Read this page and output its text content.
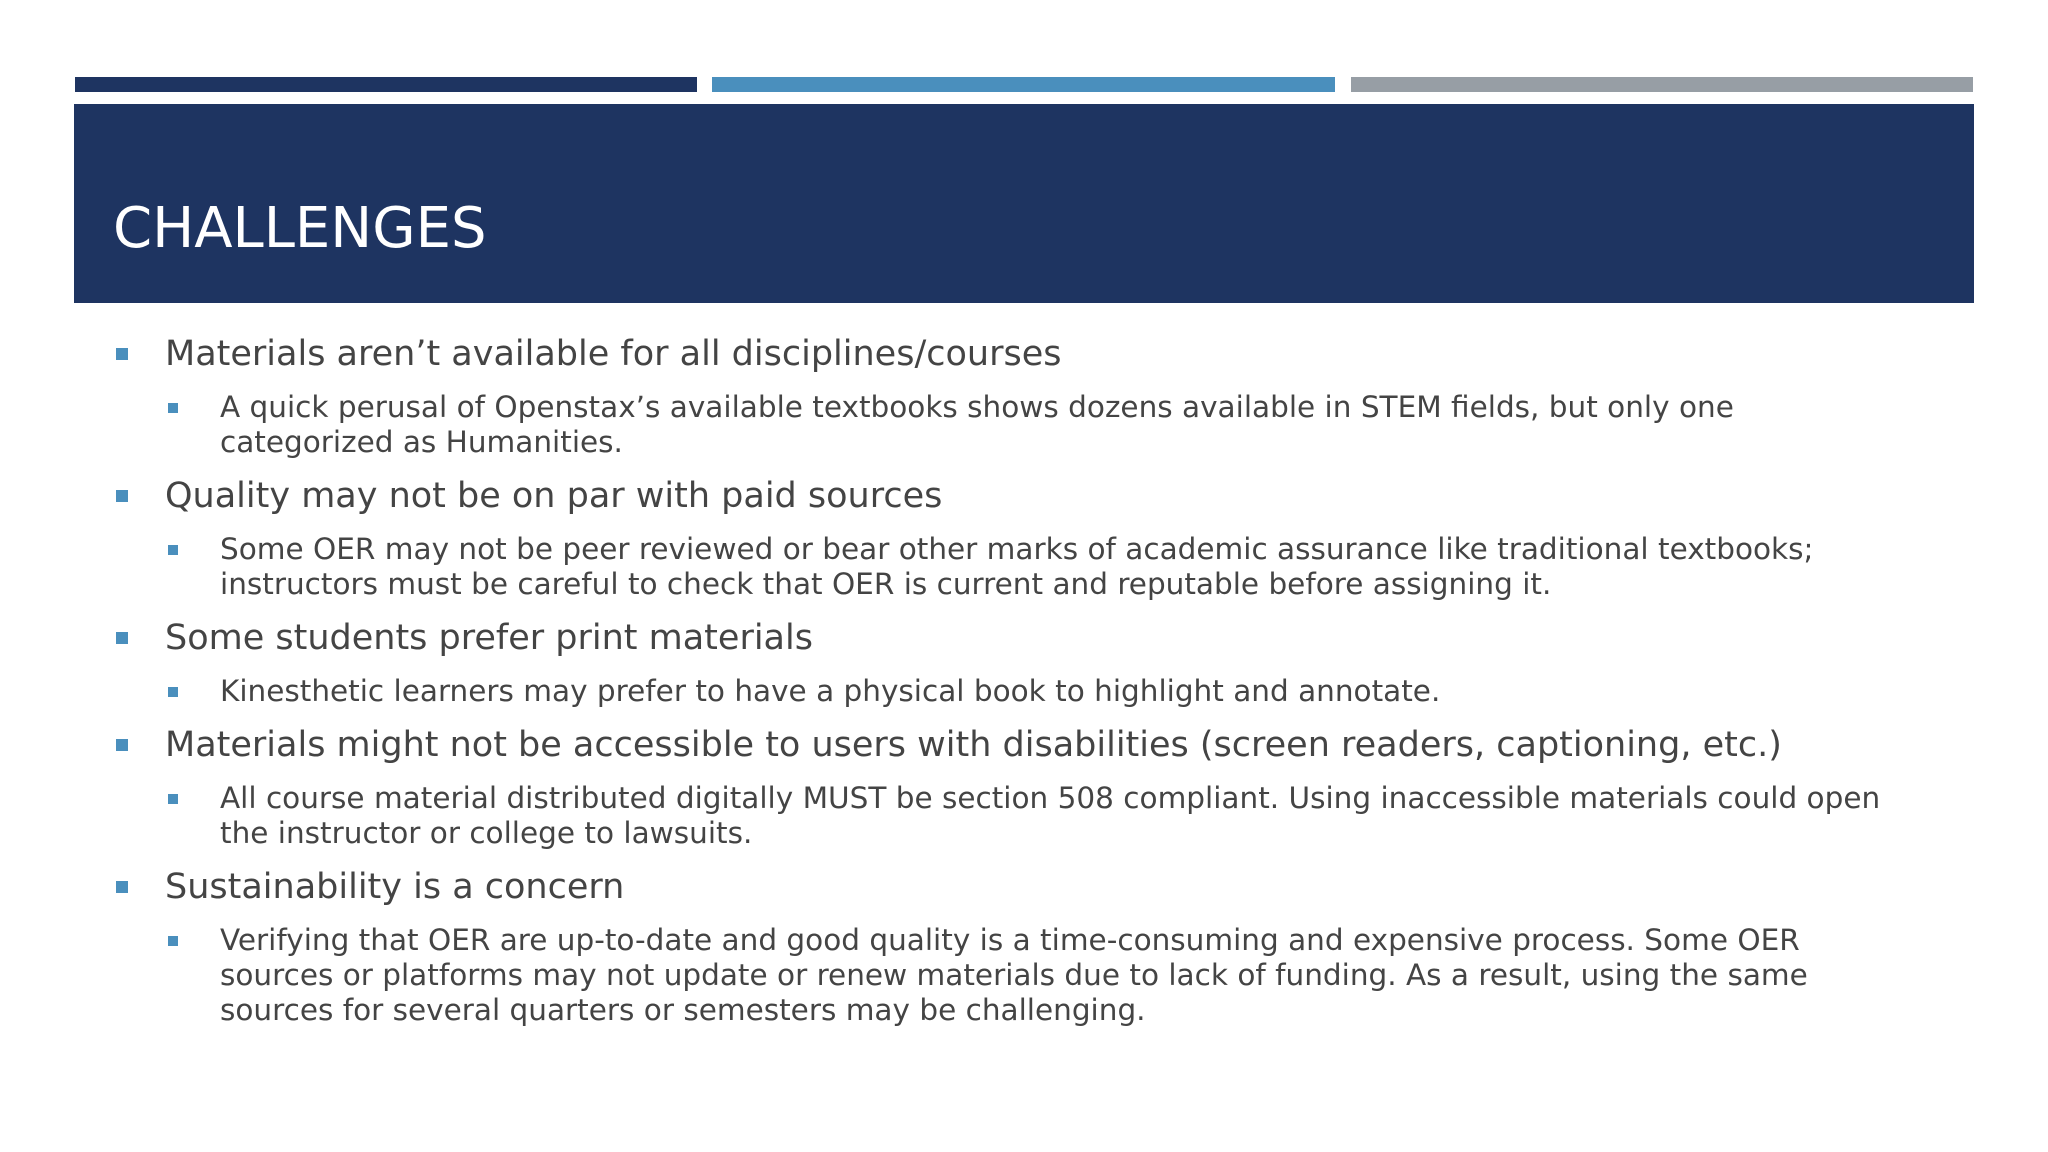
CHALLENGES
Materials aren’t available for all disciplines/courses
A quick perusal of Openstax’s available textbooks shows dozens available in STEM fields, but only one categorized as Humanities.
Quality may not be on par with paid sources
Some OER may not be peer reviewed or bear other marks of academic assurance like traditional textbooks; instructors must be careful to check that OER is current and reputable before assigning it.
Some students prefer print materials
Kinesthetic learners may prefer to have a physical book to highlight and annotate.
Materials might not be accessible to users with disabilities (screen readers, captioning, etc.)
All course material distributed digitally MUST be section 508 compliant. Using inaccessible materials could open the instructor or college to lawsuits.
Sustainability is a concern
Verifying that OER are up-to-date and good quality is a time-consuming and expensive process. Some OER sources or platforms may not update or renew materials due to lack of funding. As a result, using the same sources for several quarters or semesters may be challenging.
